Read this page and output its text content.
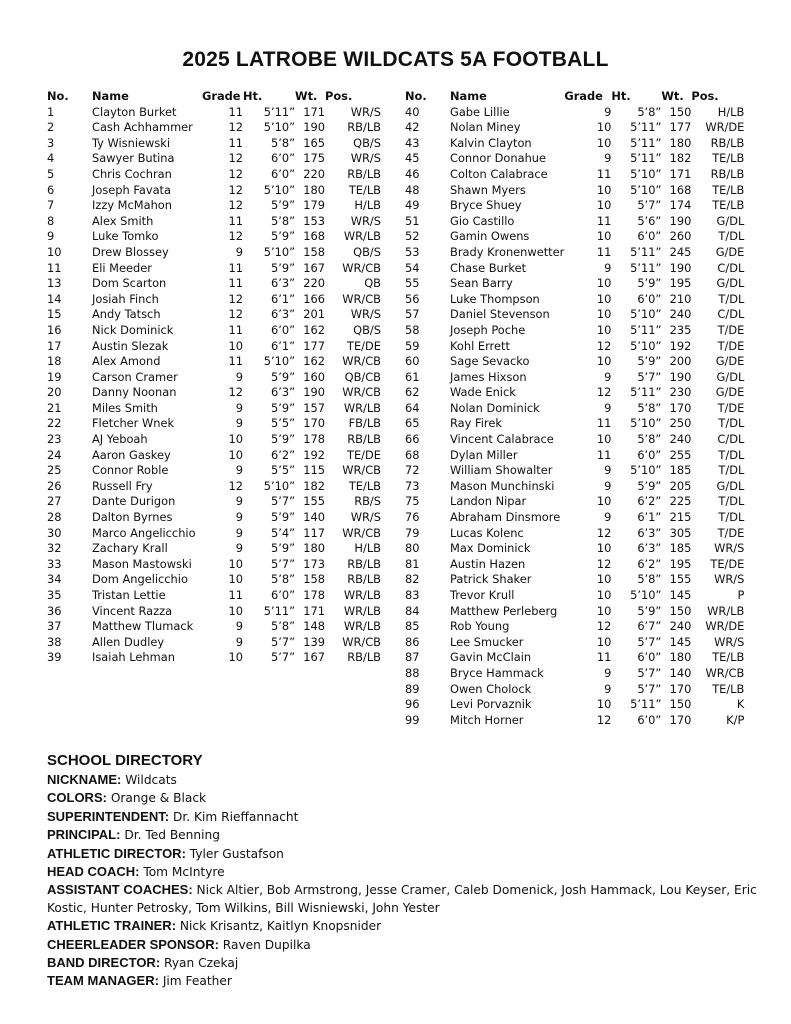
2025 LATROBE WILDCATS 5A FOOTBALL
No.	Name	Grade	Ht.	Wt.	Pos.
1	Clayton Burket	11	5’11”	171	WR/S
2	Cash Achhammer	12	5’10”	190	RB/LB
3	Ty Wisniewski	11	5’8”	165	QB/S
4	Sawyer Butina	12	6’0”	175	WR/S
5	Chris Cochran	12	6’0”	220	RB/LB
6	Joseph Favata	12	5’10”	180	TE/LB
7	Izzy McMahon	12	5’9”	179	H/LB
8	Alex Smith	11	5’8”	153	WR/S
9	Luke Tomko	12	5’9”	168	WR/LB
10	Drew Blossey	9	5’10”	158	QB/S
11	Eli Meeder	11	5’9”	167	WR/CB
13	Dom Scarton	11	6’3”	220	QB
14	Josiah Finch	12	6’1”	166	WR/CB
15	Andy Tatsch	12	6’3”	201	WR/S
16	Nick Dominick	11	6’0”	162	QB/S
17	Austin Slezak	10	6’1”	177	TE/DE
18	Alex Amond	11	5’10”	162	WR/CB
19	Carson Cramer	9	5’9”	160	QB/CB
20	Danny Noonan	12	6’3”	190	WR/CB
21	Miles Smith	9	5’9”	157	WR/LB
22	Fletcher Wnek	9	5’5”	170	FB/LB
23	AJ Yeboah	10	5’9”	178	RB/LB
24	Aaron Gaskey	10	6’2”	192	TE/DE
25	Connor Roble	9	5’5”	115	WR/CB
26	Russell Fry	12	5’10”	182	TE/LB
27	Dante Durigon	9	5’7”	155	RB/S
28	Dalton Byrnes	9	5’9”	140	WR/S
30	Marco Angelicchio	9	5’4”	117	WR/CB
32	Zachary Krall	9	5’9”	180	H/LB
33	Mason Mastowski	10	5’7”	173	RB/LB
34	Dom Angelicchio	10	5’8”	158	RB/LB
35	Tristan Lettie	11	6’0”	178	WR/LB
36	Vincent Razza	10	5’11”	171	WR/LB
37	Matthew Tlumack	9	5’8”	148	WR/LB
38	Allen Dudley	9	5’7”	139	WR/CB
39	Isaiah Lehman	10	5’7”	167	RB/LB
No.	Name	Grade	Ht.	Wt.	Pos.
40	Gabe Lillie	9	5’8”	150	H/LB
42	Nolan Miney	10	5’11”	177	WR/DE
43	Kalvin Clayton	10	5’11”	180	RB/LB
45	Connor Donahue	9	5’11”	182	TE/LB
46	Colton Calabrace	11	5’10”	171	RB/LB
48	Shawn Myers	10	5’10”	168	TE/LB
49	Bryce Shuey	10	5’7”	174	TE/LB
51	Gio Castillo	11	5’6”	190	G/DL
52	Gamin Owens	10	6’0”	260	T/DL
53	Brady Kronenwetter	11	5’11”	245	G/DE
54	Chase Burket	9	5’11”	190	C/DL
55	Sean Barry	10	5’9”	195	G/DL
56	Luke Thompson	10	6’0”	210	T/DL
57	Daniel Stevenson	10	5’10”	240	C/DL
58	Joseph Poche	10	5’11”	235	T/DE
59	Kohl Errett	12	5’10”	192	T/DE
60	Sage Sevacko	10	5’9”	200	G/DE
61	James Hixson	9	5’7”	190	G/DL
62	Wade Enick	12	5’11”	230	G/DE
64	Nolan Dominick	9	5’8”	170	T/DE
65	Ray Firek	11	5’10”	250	T/DL
66	Vincent Calabrace	10	5’8”	240	C/DL
68	Dylan Miller	11	6’0”	255	T/DL
72	William Showalter	9	5’10”	185	T/DL
73	Mason Munchinski	9	5’9”	205	G/DL
75	Landon Nipar	10	6’2”	225	T/DL
76	Abraham Dinsmore	9	6’1”	215	T/DL
79	Lucas Kolenc	12	6’3”	305	T/DE
80	Max Dominick	10	6’3”	185	WR/S
81	Austin Hazen	12	6’2”	195	TE/DE
82	Patrick Shaker	10	5’8”	155	WR/S
83	Trevor Krull	10	5’10”	145	P
84	Matthew Perleberg	10	5’9”	150	WR/LB
85	Rob Young	12	6’7”	240	WR/DE
86	Lee Smucker	10	5’7”	145	WR/S
87	Gavin McClain	11	6’0”	180	TE/LB
88	Bryce Hammack	9	5’7”	140	WR/CB
89	Owen Cholock	9	5’7”	170	TE/LB
96	Levi Porvaznik	10	5’11”	150	K
99	Mitch Horner	12	6’0”	170	K/P
SCHOOL DIRECTORY
NICKNAME: Wildcats
COLORS: Orange & Black
SUPERINTENDENT: Dr. Kim Rieffannacht
PRINCIPAL: Dr. Ted Benning
ATHLETIC DIRECTOR: Tyler Gustafson
HEAD COACH: Tom McIntyre
ASSISTANT COACHES: Nick Altier, Bob Armstrong, Jesse Cramer, Caleb Domenick, Josh Hammack, Lou Keyser, Eric Kostic, Hunter Petrosky, Tom Wilkins, Bill Wisniewski, John Yester
ATHLETIC TRAINER: Nick Krisantz, Kaitlyn Knopsnider
CHEERLEADER SPONSOR: Raven Dupilka
BAND DIRECTOR: Ryan Czekaj
TEAM MANAGER: Jim Feather
